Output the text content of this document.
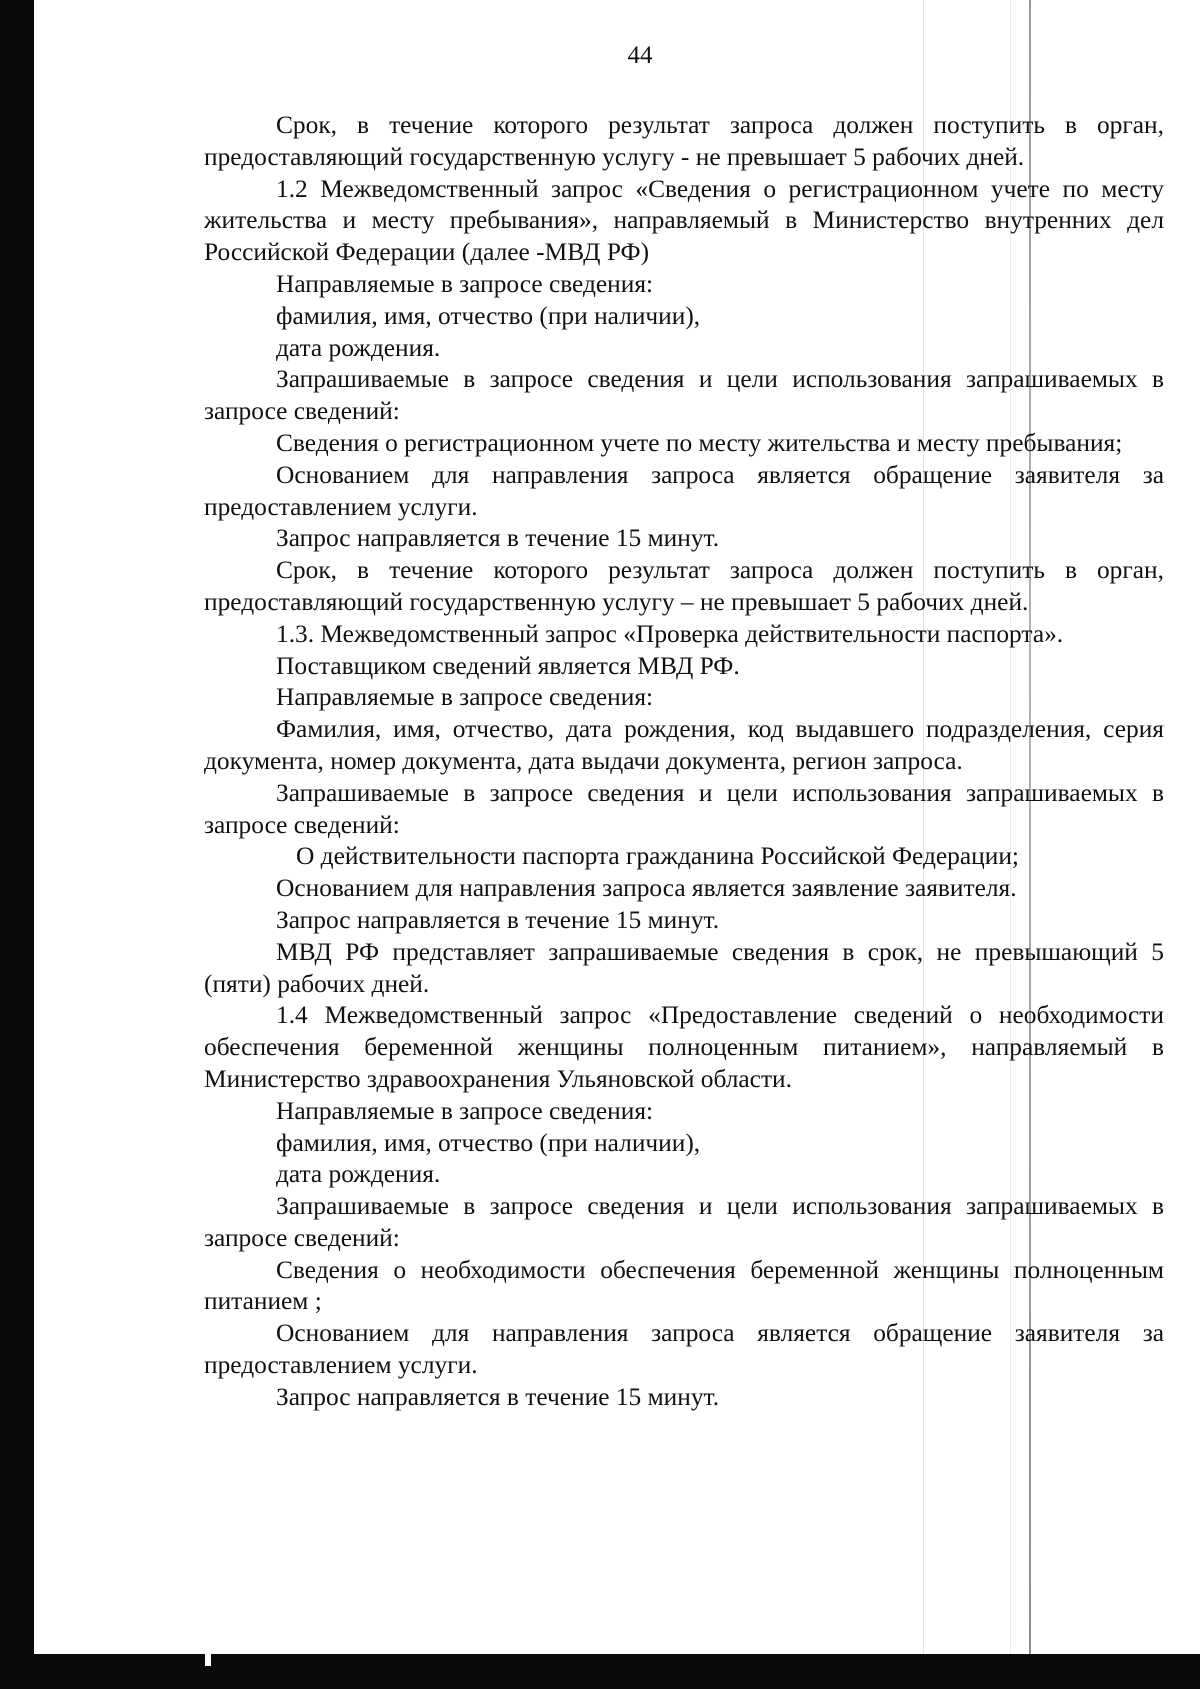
44

Срок, в течение которого результат запроса должен поступить в орган, предоставляющий государственную услугу - не превышает 5 рабочих дней.

1.2 Межведомственный запрос «Сведения о регистрационном учете по месту жительства и месту пребывания», направляемый в Министерство внутренних дел Российской Федерации (далее -МВД РФ)

Направляемые в запросе сведения:

фамилия, имя, отчество (при наличии),

дата рождения.

Запрашиваемые в запросе сведения и цели использования запрашиваемых в запросе сведений:

Сведения о регистрационном учете по месту жительства и месту пребывания;

Основанием для направления запроса является обращение заявителя за предоставлением услуги.

Запрос направляется в течение 15 минут.

Срок, в течение которого результат запроса должен поступить в орган, предоставляющий государственную услугу – не превышает 5 рабочих дней.

1.3. Межведомственный запрос «Проверка действительности паспорта».

Поставщиком сведений является МВД РФ.

Направляемые в запросе сведения:

Фамилия, имя, отчество, дата рождения, код выдавшего подразделения, серия документа, номер документа, дата выдачи документа, регион запроса.

Запрашиваемые в запросе сведения и цели использования запрашиваемых в запросе сведений:

О действительности паспорта гражданина Российской Федерации;

Основанием для направления запроса является заявление заявителя.

Запрос направляется в течение 15 минут.

МВД РФ представляет запрашиваемые сведения в срок, не превышающий 5 (пяти) рабочих дней.

1.4 Межведомственный запрос «Предоставление сведений о необходимости обеспечения беременной женщины полноценным питанием», направляемый в Министерство здравоохранения Ульяновской области.

Направляемые в запросе сведения:

фамилия, имя, отчество (при наличии),

дата рождения.

Запрашиваемые в запросе сведения и цели использования запрашиваемых в запросе сведений:

Сведения о необходимости обеспечения беременной женщины полноценным питанием ;

Основанием для направления запроса является обращение заявителя за предоставлением услуги.

Запрос направляется в течение 15 минут.
